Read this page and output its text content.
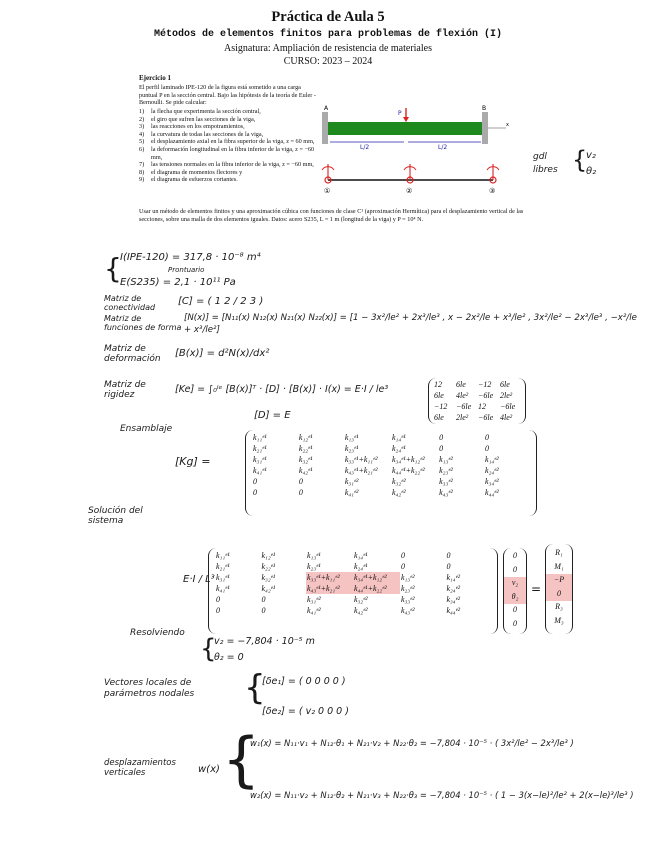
Práctica de Aula 5
Métodos de elementos finitos para problemas de flexión (I)
Asignatura: Ampliación de resistencia de materiales
CURSO: 2023 – 2024
Ejercicio 1
El perfil laminado IPE-120 de la figura está sometido a una carga puntual P en la sección central. Bajo las hipótesis de la teoría de Euler - Bernoulli. Se pide calcular:
1)	la flecha que experimenta la sección central,
2)	el giro que sufren las secciones de la viga,
3)	las reacciones en los empotramientos,
4)	la curvatura de todas las secciones de la viga,
5)	el desplazamiento axial en la fibra superior de la viga, z = 60 mm,
6)	la deformación longitudinal en la fibra inferior de la viga, z = −60 mm,
7)	las tensiones normales en la fibra inferior de la viga, z = −60 mm,
8)	el diagrama de momentos flectores y
9)	el diagrama de esfuerzos cortantes.
Usar un método de elementos finitos y una aproximación cúbica con funciones de clase C¹ (aproximación Hermítica) para el desplazamiento vertical de las secciones, sobre una malla de dos elementos iguales. Datos: acero S235, L = 1 m (longitud de la viga) y P = 10⁴ N.
A	B
P
x
L/2	L/2
①	②	③
gdl
libres {
v₂
θ₂
{
I(IPE-120) = 317,8 · 10⁻⁸ m⁴
Prontuario
E(S235) = 2,1 · 10¹¹ Pa
Matriz de conectividad
[C] = ( 1 2 / 2 3 )
Matriz de funciones de forma
[N(x)] = [N₁₁(x) N₁₂(x) N₂₁(x) N₂₂(x)] = [1 − 3x²/le² + 2x³/le³ , x − 2x²/le + x³/le² , 3x²/le² − 2x³/le³ , −x²/le + x³/le²]
Matriz de deformación	[B(x)] = d²N(x)/dx²
Matriz de rigidez	[Ke] = ∫₀ˡᵉ [B(x)]ᵀ · [D] · [B(x)] · I(x) = E·I / le³	12	6le	−12	6le
6le	4le²	−6le	2le²
−12	−6le	12	−6le
6le	2le²	−6le	4le²
[D] = E
Ensamblaje
[Kg] =
k₁₁ᵉ¹	k₁₂ᵉ¹	k₁₃ᵉ¹	k₁₄ᵉ¹	0	0
k₂₁ᵉ¹	k₂₂ᵉ¹	k₂₃ᵉ¹	k₂₄ᵉ¹	0	0
k₃₁ᵉ¹	k₃₂ᵉ¹	k₃₃ᵉ¹+k₁₁ᵉ²	k₃₄ᵉ¹+k₁₂ᵉ²	k₁₃ᵉ²	k₁₄ᵉ²
k₄₁ᵉ¹	k₄₂ᵉ¹	k₄₃ᵉ¹+k₂₁ᵉ²	k₄₄ᵉ¹+k₂₂ᵉ²	k₂₃ᵉ²	k₂₄ᵉ²
0	0	k₃₁ᵉ²	k₃₂ᵉ²	k₃₃ᵉ²	k₃₄ᵉ²
0	0	k₄₁ᵉ²	k₄₂ᵉ²	k₄₃ᵉ²	k₄₄ᵉ²
Solución del sistema
E·I / L³
k₁₁ᵉ¹	k₁₂ᵉ¹	k₁₃ᵉ¹	k₁₄ᵉ¹	0	0
k₂₁ᵉ¹	k₂₂ᵉ¹	k₂₃ᵉ¹	k₂₄ᵉ¹	0	0
k₃₁ᵉ¹	k₃₂ᵉ¹	k₃₃ᵉ¹+k₁₁ᵉ²	k₃₄ᵉ¹+k₁₂ᵉ²	k₁₃ᵉ²	k₁₄ᵉ²
k₄₁ᵉ¹	k₄₂ᵉ¹	k₄₃ᵉ¹+k₂₁ᵉ²	k₄₄ᵉ¹+k₂₂ᵉ²	k₂₃ᵉ²	k₂₄ᵉ²
0	0	k₃₁ᵉ²	k₃₂ᵉ²	k₃₃ᵉ²	k₃₄ᵉ²
0	0	k₄₁ᵉ²	k₄₂ᵉ²	k₄₃ᵉ²	k₄₄ᵉ²
0
0
v₂
θ₂
0
0
=
R₁
M₁
−P
0
R₃
M₃
Resolviendo
{
v₂ = −7,804 · 10⁻⁵ m
θ₂ = 0
Vectores locales de parámetros nodales	{
[δe₁] = ( 0 0 0 0 )
[δe₂] = ( v₂ 0 0 0 )
desplazamientos verticales	w(x) {
w₁(x) = N₁₁·v₁ + N₁₂·θ₁ + N₂₁·v₂ + N₂₂·θ₂ = −7,804 · 10⁻⁵ · ( 3x²/le² − 2x³/le³ )
w₂(x) = N₁₁·v₂ + N₁₂·θ₂ + N₂₁·v₃ + N₂₂·θ₃ = −7,804 · 10⁻⁵ · ( 1 − 3(x−le)²/le² + 2(x−le)³/le³ )
